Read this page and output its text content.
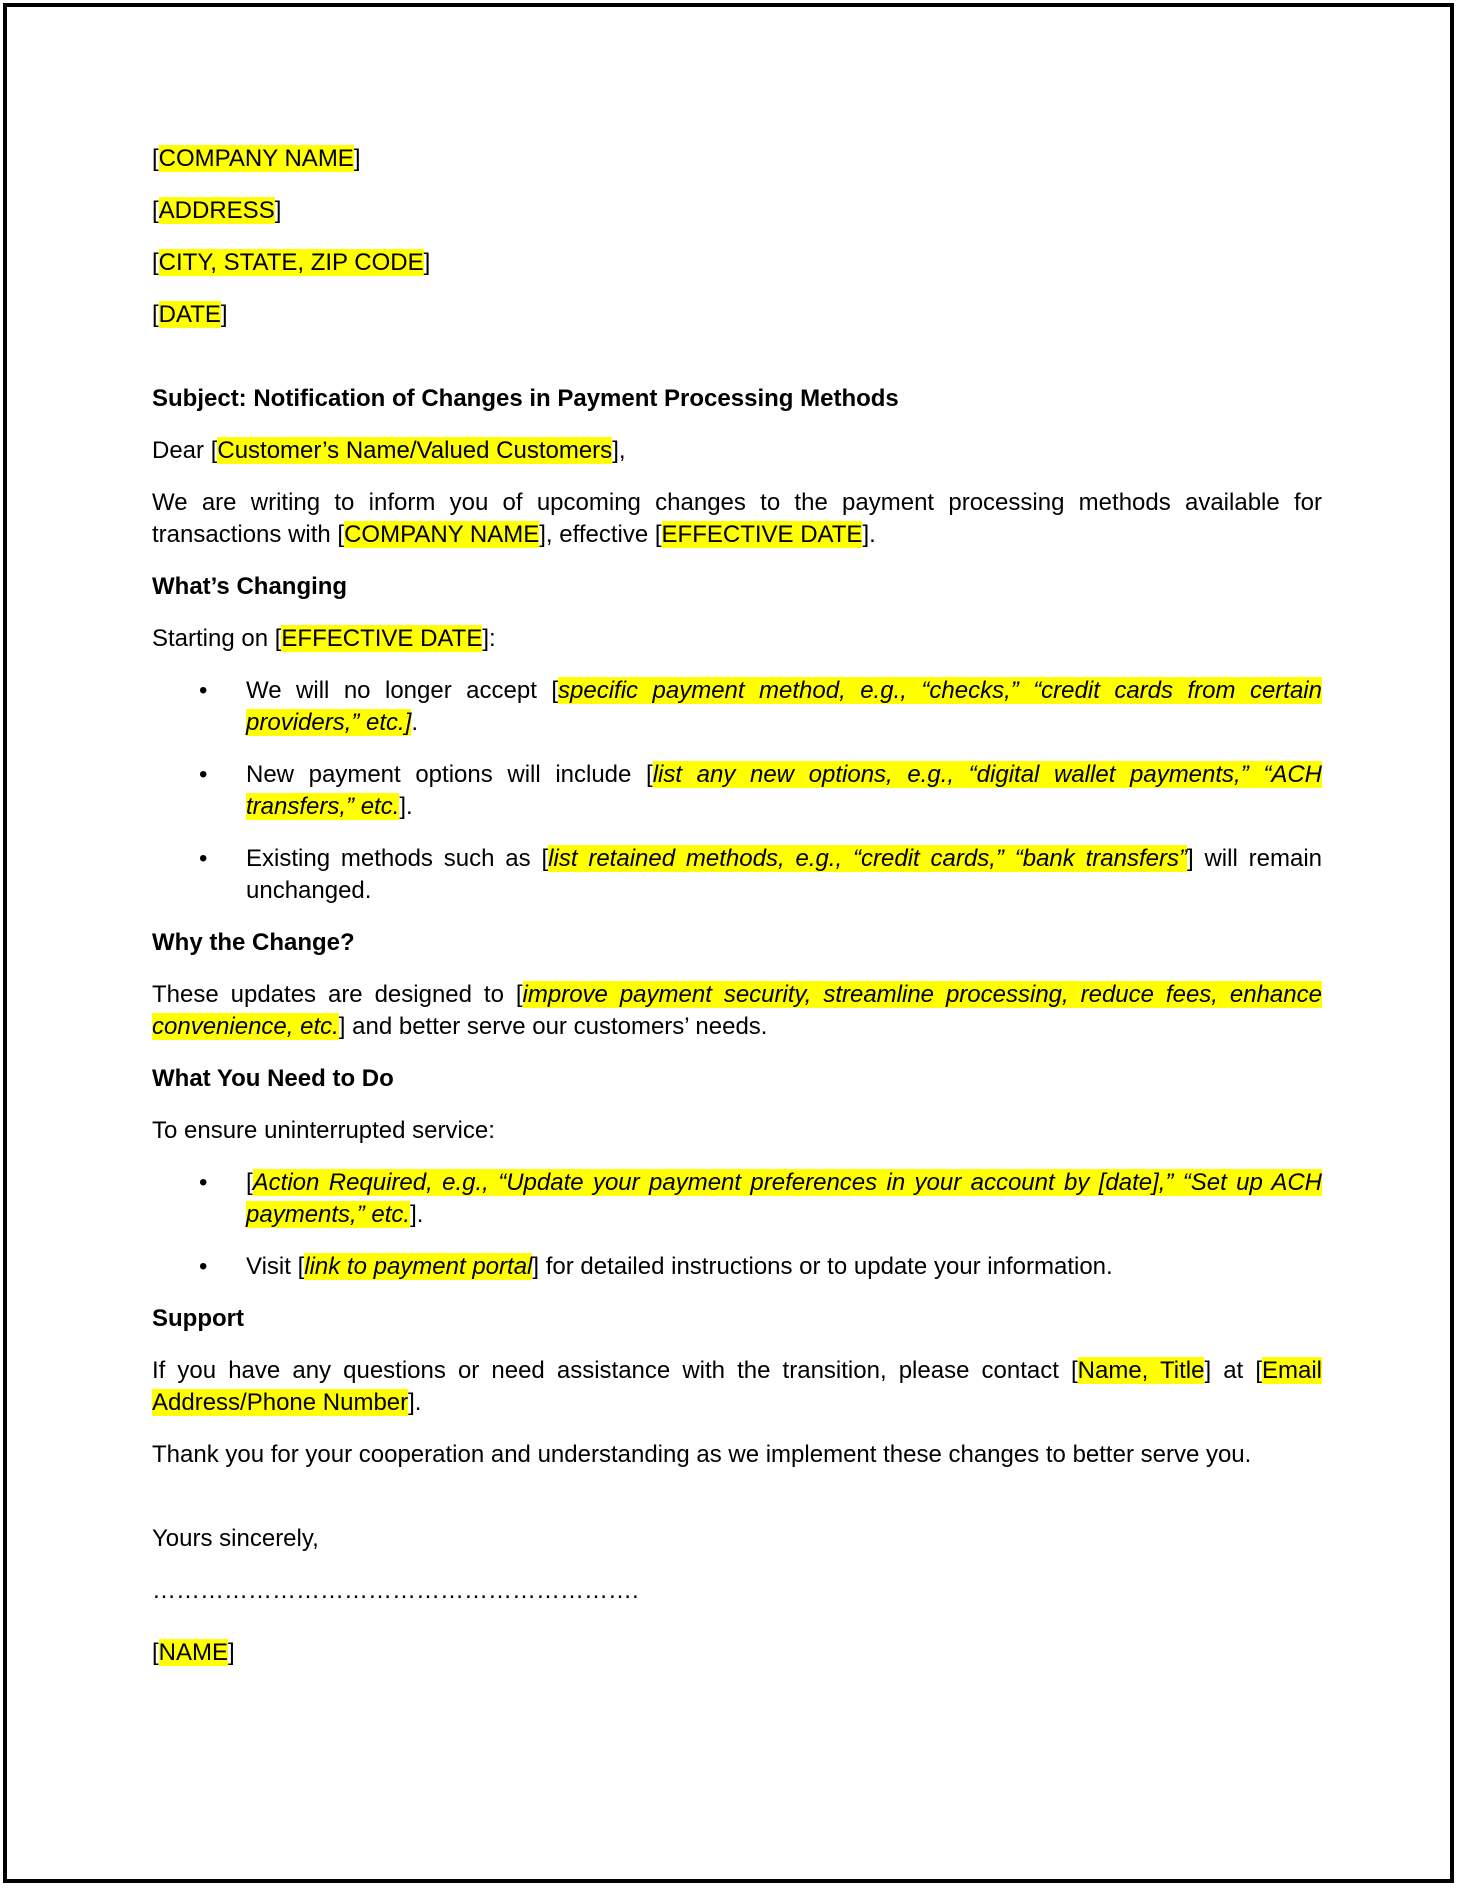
[COMPANY NAME]

[ADDRESS]

[CITY, STATE, ZIP CODE]

[DATE]

Subject: Notification of Changes in Payment Processing Methods

Dear [Customer’s Name/Valued Customers],

We are writing to inform you of upcoming changes to the payment processing methods available for transactions with [COMPANY NAME], effective [EFFECTIVE DATE].

What’s Changing

Starting on [EFFECTIVE DATE]:

• We will no longer accept [specific payment method, e.g., “checks,” “credit cards from certain providers,” etc.].
• New payment options will include [list any new options, e.g., “digital wallet payments,” “ACH transfers,” etc.].
• Existing methods such as [list retained methods, e.g., “credit cards,” “bank transfers”] will remain unchanged.

Why the Change?

These updates are designed to [improve payment security, streamline processing, reduce fees, enhance convenience, etc.] and better serve our customers’ needs.

What You Need to Do

To ensure uninterrupted service:

• [Action Required, e.g., “Update your payment preferences in your account by [date],” “Set up ACH payments,” etc.].
• Visit [link to payment portal] for detailed instructions or to update your information.

Support

If you have any questions or need assistance with the transition, please contact [Name, Title] at [Email Address/Phone Number].

Thank you for your cooperation and understanding as we implement these changes to better serve you.

Yours sincerely,

…………………………………………………….

[NAME]
